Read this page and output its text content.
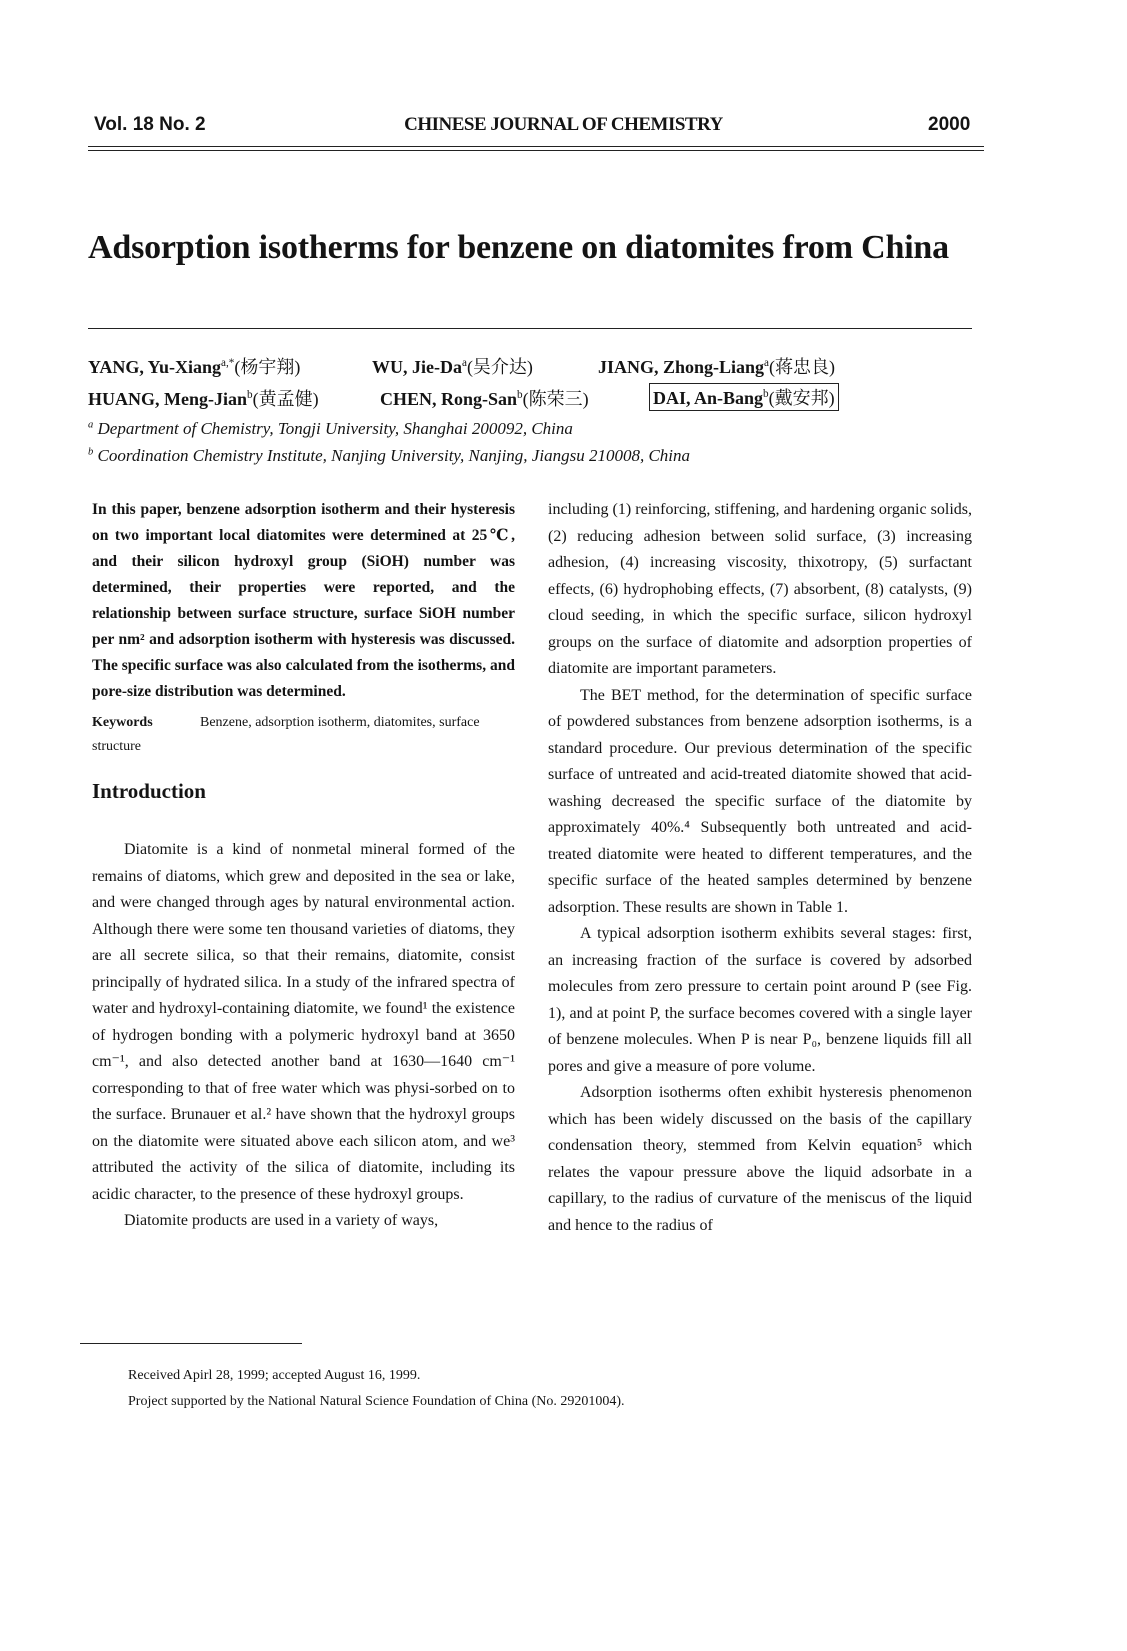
Vol. 18 No. 2	CHINESE JOURNAL OF CHEMISTRY	2000
Adsorption isotherms for benzene on diatomites from China
YANG, Yu-Xiang$^{a,*}$(杨宇翔)	WU, Jie-Da$^a$(吴介达)	JIANG, Zhong-Liang$^a$(蒋忠良)
HUANG, Meng-Jian$^b$(黄孟健)	CHEN, Rong-San$^b$(陈荣三)	DAI, An-Bang$^b$(戴安邦)
$^a$ Department of Chemistry, Tongji University, Shanghai 200092, China
$^b$ Coordination Chemistry Institute, Nanjing University, Nanjing, Jiangsu 210008, China
In this paper, benzene adsorption isotherm and their hysteresis on two important local diatomites were determined at 25℃, and their silicon hydroxyl group (SiOH) number was determined, their properties were reported, and the relationship between surface structure, surface SiOH number per nm² and adsorption isotherm with hysteresis was discussed. The specific surface was also calculated from the isotherms, and pore-size distribution was determined.
Keywords	Benzene, adsorption isotherm, diatomites, surface structure
Introduction

Diatomite is a kind of nonmetal mineral formed of the remains of diatoms, which grew and deposited in the sea or lake, and were changed through ages by natural environmental action. Although there were some ten thousand varieties of diatoms, they are all secrete silica, so that their remains, diatomite, consist principally of hydrated silica. In a study of the infrared spectra of water and hydroxyl-containing diatomite, we found¹ the existence of hydrogen bonding with a polymeric hydroxyl band at 3650 cm⁻¹, and also detected another band at 1630—1640 cm⁻¹ corresponding to that of free water which was physi-sorbed on to the surface. Brunauer et al.² have shown that the hydroxyl groups on the diatomite were situated above each silicon atom, and we³ attributed the activity of the silica of diatomite, including its acidic character, to the presence of these hydroxyl groups.

Diatomite products are used in a variety of ways,

including (1) reinforcing, stiffening, and hardening organic solids, (2) reducing adhesion between solid surface, (3) increasing adhesion, (4) increasing viscosity, thixotropy, (5) surfactant effects, (6) hydrophobing effects, (7) absorbent, (8) catalysts, (9) cloud seeding, in which the specific surface, silicon hydroxyl groups on the surface of diatomite and adsorption properties of diatomite are important parameters.

The BET method, for the determination of specific surface of powdered substances from benzene adsorption isotherms, is a standard procedure. Our previous determination of the specific surface of untreated and acid-treated diatomite showed that acid-washing decreased the specific surface of the diatomite by approximately 40%.⁴ Subsequently both untreated and acid-treated diatomite were heated to different temperatures, and the specific surface of the heated samples determined by benzene adsorption. These results are shown in Table 1.

A typical adsorption isotherm exhibits several stages: first, an increasing fraction of the surface is covered by adsorbed molecules from zero pressure to certain point around P (see Fig. 1), and at point P, the surface becomes covered with a single layer of benzene molecules. When P is near P₀, benzene liquids fill all pores and give a measure of pore volume.

Adsorption isotherms often exhibit hysteresis phenomenon which has been widely discussed on the basis of the capillary condensation theory, stemmed from Kelvin equation⁵ which relates the vapour pressure above the liquid adsorbate in a capillary, to the radius of curvature of the meniscus of the liquid and hence to the radius of

Received Apirl 28, 1999; accepted August 16, 1999.
Project supported by the National Natural Science Foundation of China (No. 29201004).
